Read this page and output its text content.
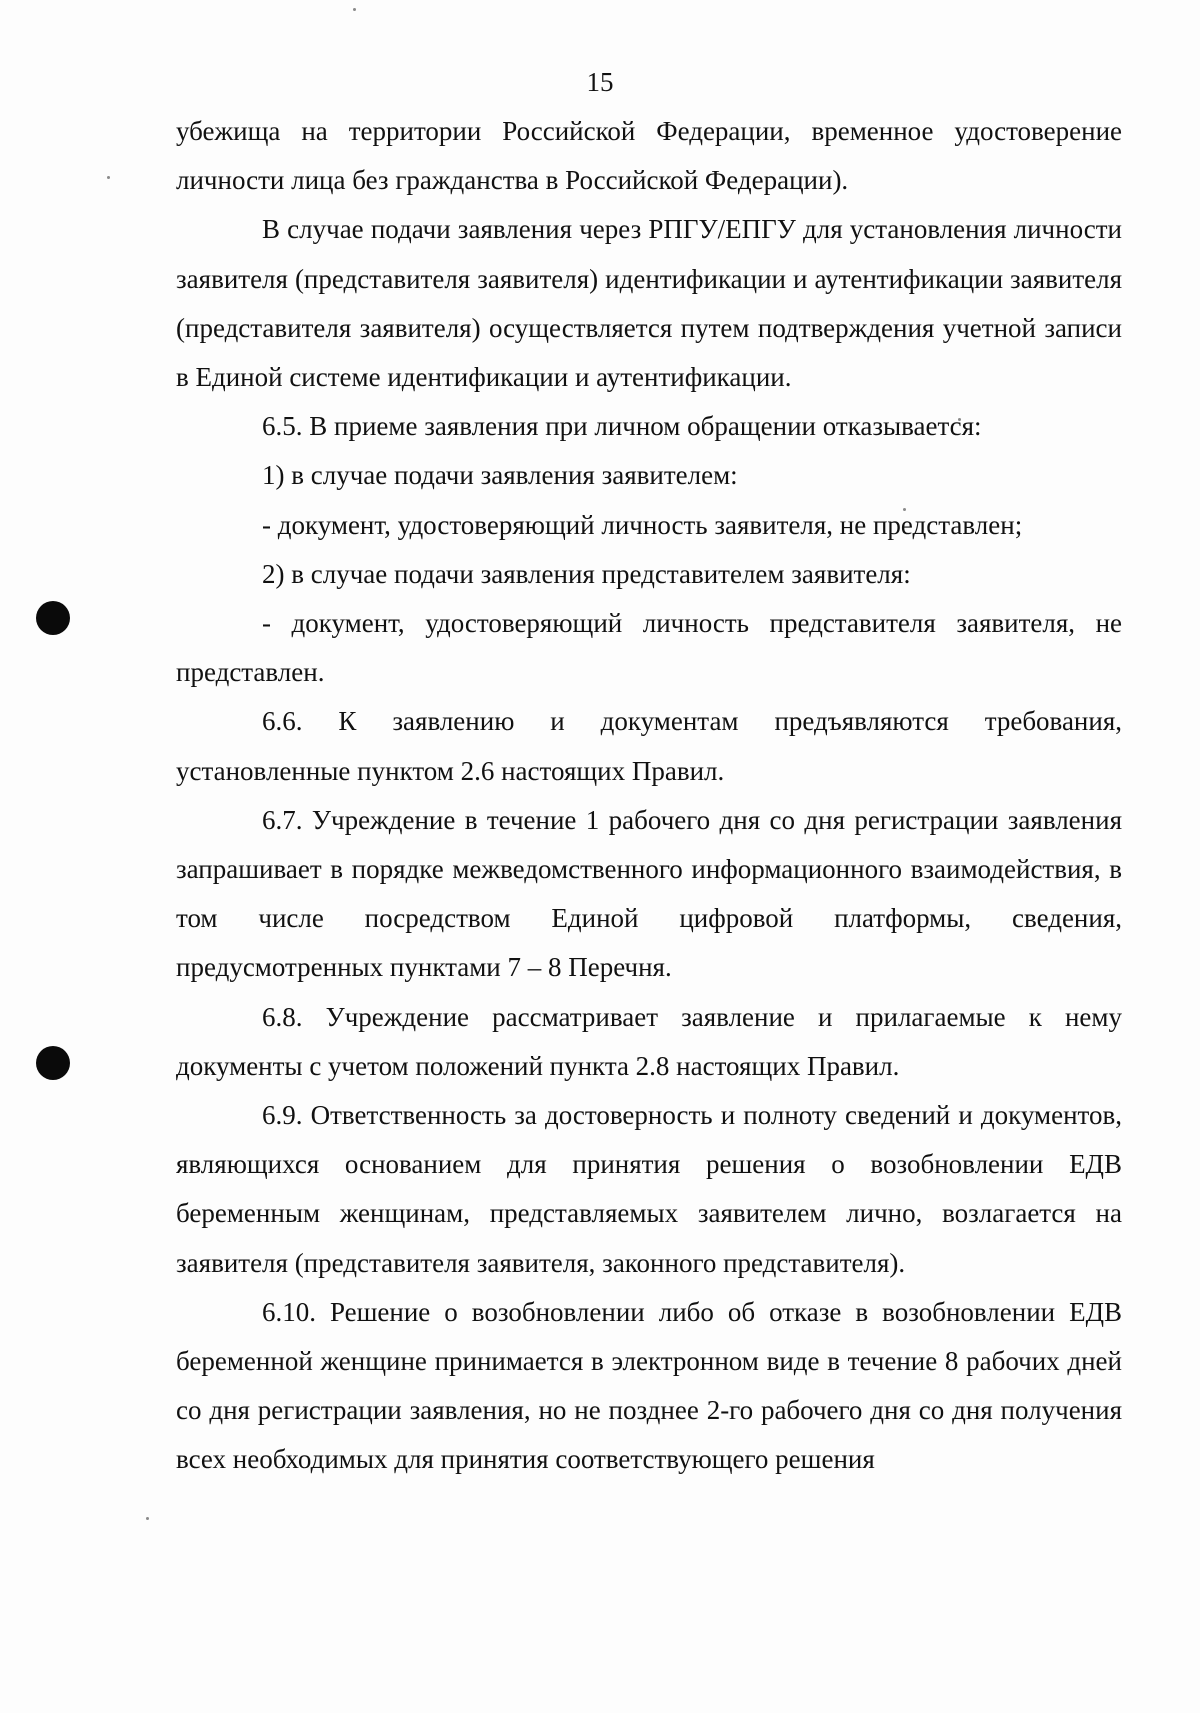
15

убежища на территории Российской Федерации, временное удостоверение личности лица без гражданства в Российской Федерации).

В случае подачи заявления через РПГУ/ЕПГУ для установления личности заявителя (представителя заявителя) идентификации и аутентификации заявителя (представителя заявителя) осуществляется путем подтверждения учетной записи в Единой системе идентификации и аутентификации.

6.5. В приеме заявления при личном обращении отказывается:

1) в случае подачи заявления заявителем:

- документ, удостоверяющий личность заявителя, не представлен;

2) в случае подачи заявления представителем заявителя:

- документ, удостоверяющий личность представителя заявителя, не представлен.

6.6. К заявлению и документам предъявляются требования, установленные пунктом 2.6 настоящих Правил.

6.7. Учреждение в течение 1 рабочего дня со дня регистрации заявления запрашивает в порядке межведомственного информационного взаимодействия, в том числе посредством Единой цифровой платформы, сведения, предусмотренных пунктами 7 – 8 Перечня.

6.8. Учреждение рассматривает заявление и прилагаемые к нему документы с учетом положений пункта 2.8 настоящих Правил.

6.9. Ответственность за достоверность и полноту сведений и документов, являющихся основанием для принятия решения о возобновлении ЕДВ беременным женщинам, представляемых заявителем лично, возлагается на заявителя (представителя заявителя, законного представителя).

6.10. Решение о возобновлении либо об отказе в возобновлении ЕДВ беременной женщине принимается в электронном виде в течение 8 рабочих дней со дня регистрации заявления, но не позднее 2-го рабочего дня со дня получения всех необходимых для принятия соответствующего решения
